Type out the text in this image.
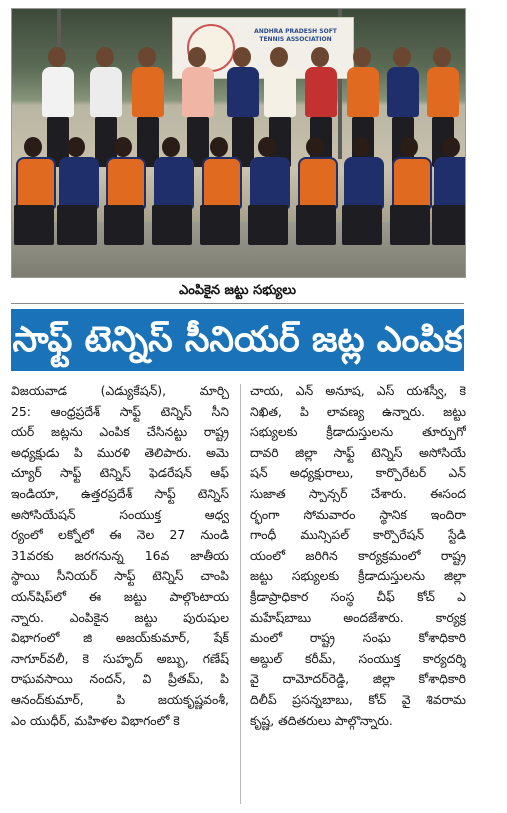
ANDHRA PRADESH SOFT TENNIS ASSOCIATION
ఎంపికైన జట్టు సభ్యులు
సాఫ్ట్ టెన్నిస్ సీనియర్ జట్ల ఎంపిక
విజయవాడ (ఎడ్యుకేషన్), మార్చి
25: ఆంధ్రప్రదేశ్ సాఫ్ట్ టెన్నిస్ సీని
యర్ జట్లను ఎంపిక చేసినట్టు రాష్ట్ర
అధ్యక్షుడు పి మురళి తెలిపారు. అమె
చ్యూర్ సాఫ్ట్ టెన్నిస్ ఫెడరేషన్ ఆఫ్
ఇండియా, ఉత్తరప్రదేశ్ సాఫ్ట్ టెన్నిస్
అసోసియేషన్ సంయుక్త ఆధ్వ
ర్యంలో లక్నోలో ఈ నెల 27 నుండి
31వరకు జరగనున్న 16వ జాతీయ
స్థాయి సీనియర్ సాఫ్ట్ టెన్నిస్ చాంపి
యన్‌షిప్‌లో ఈ జట్టు పాల్గొంటాయ
న్నారు. ఎంపికైన జట్టు పురుషుల
విభాగంలో జి అజయ్‌కుమార్, షేక్
నాగూర్‌వలీ, కె సుహృద్ అబ్బు, గణేష్
రాఘవసాయి నందన్, వి ప్రీతమ్, పి
ఆనంద్‌కుమార్, పి జయకృష్ణవంశీ,
ఎం యుధీర్, మహిళల విభాగంలో కె
చాయ, ఎన్ అనూష, ఎస్ యశస్వీ, కె
నిఖిత, పి లావణ్య ఉన్నారు. జట్టు
సభ్యులకు క్రీడాదుస్తులను తూర్పుగో
దావరి జిల్లా సాఫ్ట్ టెన్నిస్ అసోసియే
షన్ అధ్యక్షురాలు, కార్పొరేటర్ ఎన్
సుజాత స్పాన్సర్ చేశారు. ఈసంద
ర్భంగా సోమవారం స్థానిక ఇందిరా
గాంధీ మున్సిపల్ కార్పొరేషన్ స్టేడి
యంలో జరిగిన కార్యక్రమంలో రాష్ట్ర
జట్టు సభ్యులకు క్రీడాదుస్తులను జిల్లా
క్రీడాప్రాధికార సంస్థ చీఫ్ కోచ్ ఎ
మహేష్‌బాబు అందజేశారు. కార్యక్ర
మంలో రాష్ట్ర సంఘ కోశాధికారి
అబ్దుల్ కరీమ్, సంయుక్త కార్యదర్శి
వై దామోదర్‌రెడ్డి, జిల్లా కోశాధికారి
దిలీప్ ప్రసన్నబాబు, కోచ్ వై శివరామ
కృష్ణ, తదితరులు పాల్గొన్నారు.
